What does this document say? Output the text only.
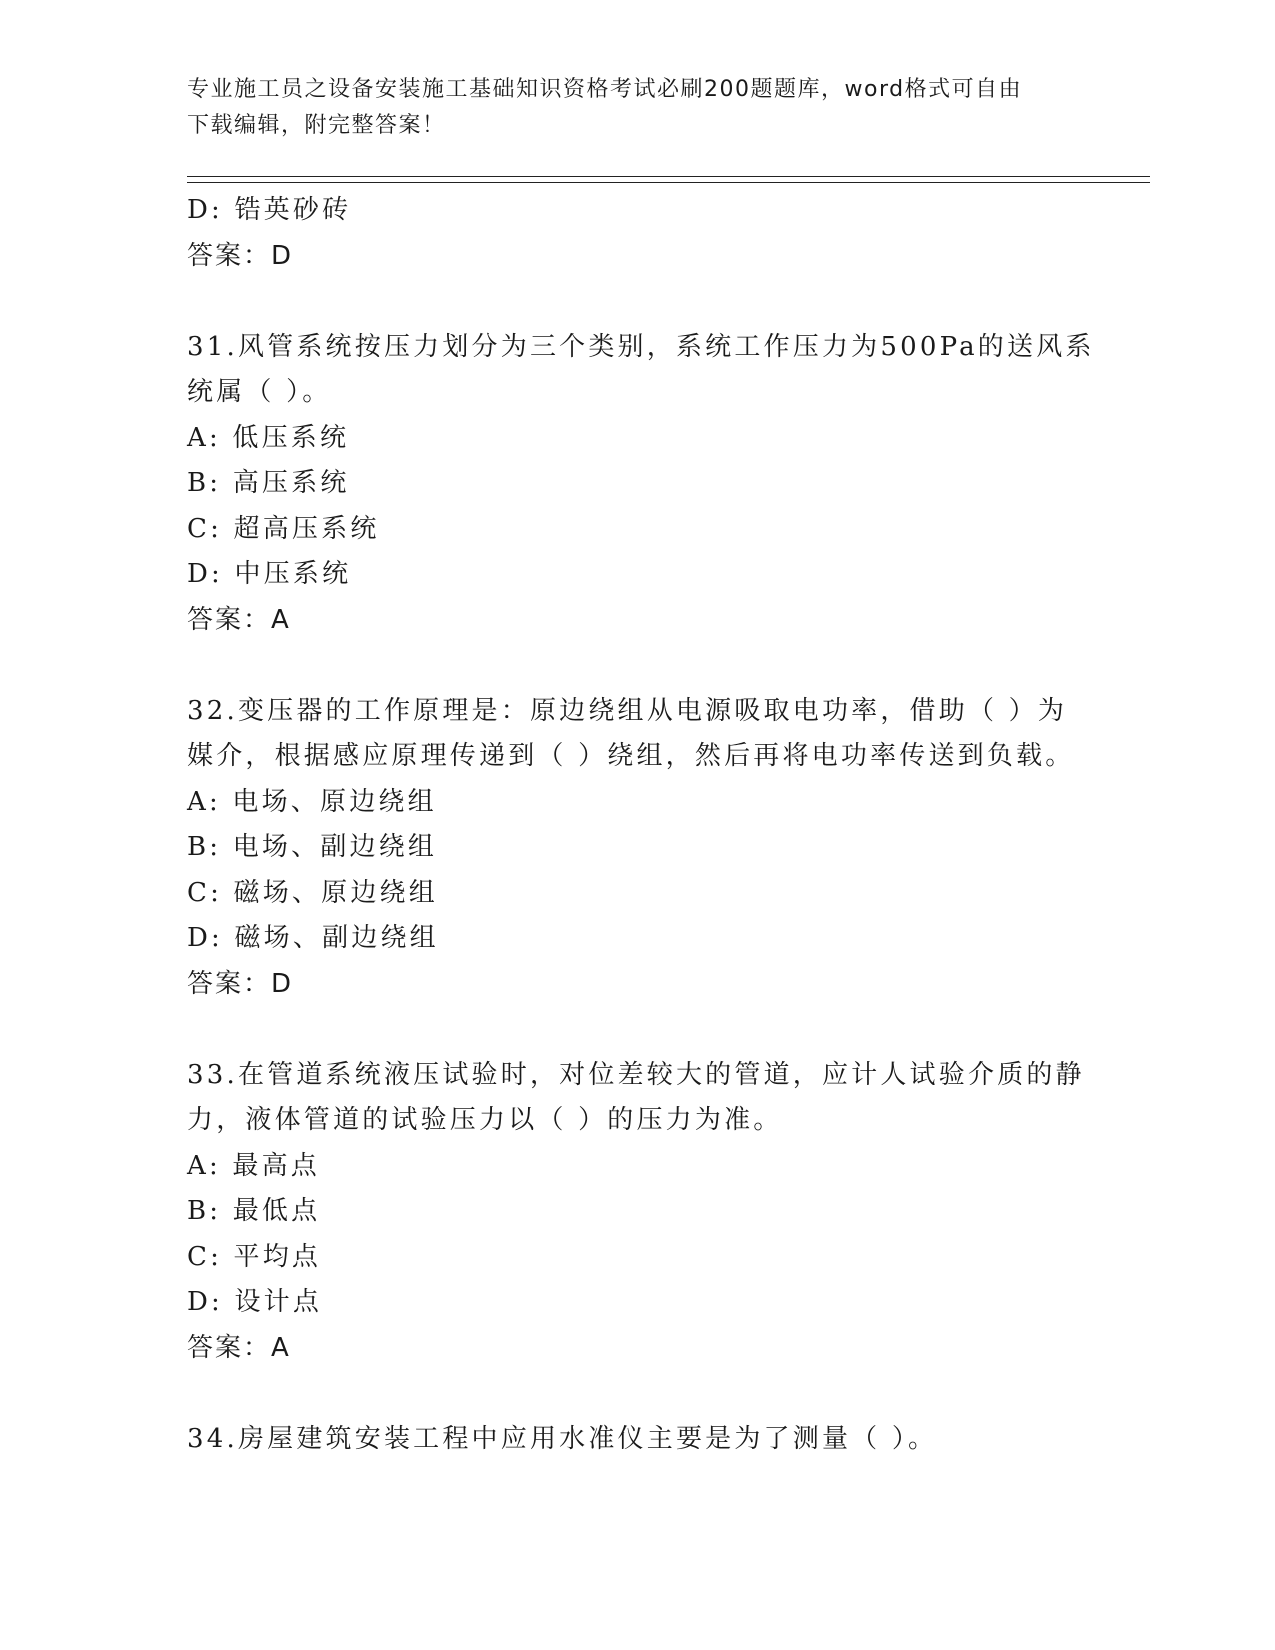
专业施工员之设备安装施工基础知识资格考试必刷200题题库，word格式可自由
下载编辑，附完整答案！
D: 锆英砂砖
答案：D
31.风管系统按压力划分为三个类别，系统工作压力为500Pa的送风系
统属（ ）。
A: 低压系统
B: 高压系统
C: 超高压系统
D: 中压系统
答案：A
32.变压器的工作原理是：原边绕组从电源吸取电功率，借助（ ）为
媒介，根据感应原理传递到（ ）绕组，然后再将电功率传送到负载。
A: 电场、原边绕组
B: 电场、副边绕组
C: 磁场、原边绕组
D: 磁场、副边绕组
答案：D
33.在管道系统液压试验时，对位差较大的管道，应计人试验介质的静
力，液体管道的试验压力以（ ）的压力为准。
A: 最高点
B: 最低点
C: 平均点
D: 设计点
答案：A
34.房屋建筑安装工程中应用水准仪主要是为了测量（ ）。
